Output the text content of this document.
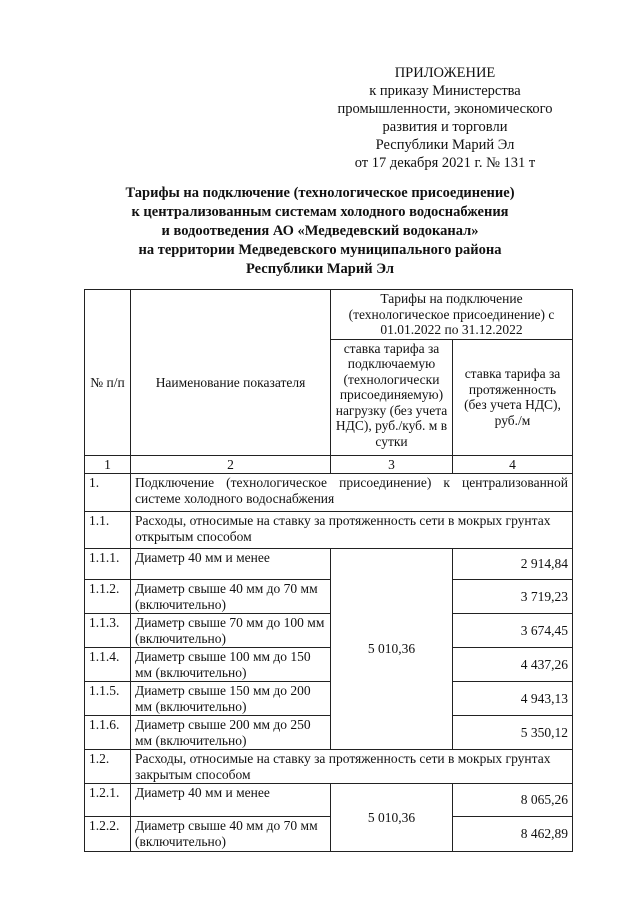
ПРИЛОЖЕНИЕ
к приказу Министерства
промышленности, экономического
развития и торговли
Республики Марий Эл
от 17 декабря 2021 г. № 131 т
Тарифы на подключение (технологическое присоединение)
к централизованным системам холодного водоснабжения
и водоотведения АО «Медведевский водоканал»
на территории Медведевского муниципального района
Республики Марий Эл
№ п/п	Наименование показателя	Тарифы на подключение (технологическое присоединение) с 01.01.2022 по 31.12.2022	
		ставка тарифа за подключаемую (технологически присоединяемую) нагрузку (без учета НДС), руб./куб. м в сутки	ставка тарифа за протяженность (без учета НДС), руб./м
1	2	3	4
1.	Подключение (технологическое присоединение) к централизованной системе холодного водоснабжения		
1.1.	Расходы, относимые на ставку за протяженность сети в мокрых грунтах открытым способом		
1.1.1.	Диаметр 40 мм и менее	5 010,36	2 914,84
1.1.2.	Диаметр свыше 40 мм до 70 мм (включительно)		3 719,23
1.1.3.	Диаметр свыше 70 мм до 100 мм (включительно)		3 674,45
1.1.4.	Диаметр свыше 100 мм до 150 мм (включительно)		4 437,26
1.1.5.	Диаметр свыше 150 мм до 200 мм (включительно)		4 943,13
1.1.6.	Диаметр свыше 200 мм до 250 мм (включительно)		5 350,12
1.2.	Расходы, относимые на ставку за протяженность сети в мокрых грунтах закрытым способом		
1.2.1.	Диаметр 40 мм и менее	5 010,36	8 065,26
1.2.2.	Диаметр свыше 40 мм до 70 мм (включительно)		8 462,89
